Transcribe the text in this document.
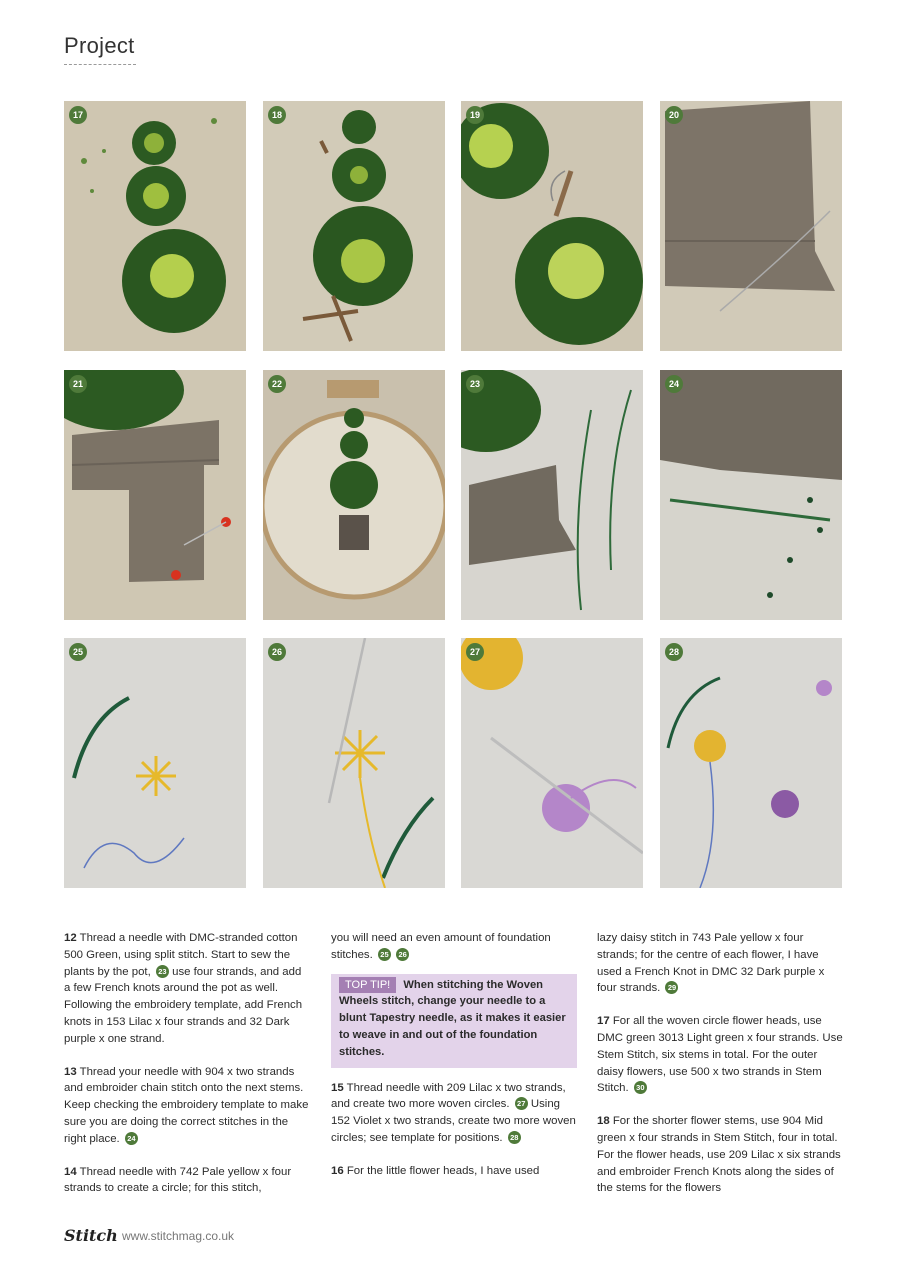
Project
17	18	19	20
21	22	23	24
25	26	27	28

12 Thread a needle with DMC-stranded cotton 500 Green, using split stitch. Start to sew the plants by the pot, 23 use four strands, and add a few French knots around the pot as well. Following the embroidery template, add French knots in 153 Lilac x four strands and 32 Dark purple x one strand.

13 Thread your needle with 904 x two strands and embroider chain stitch onto the next stems. Keep checking the embroidery template to make sure you are doing the correct stitches in the right place. 24

14 Thread needle with 742 Pale yellow x four strands to create a circle; for this stitch,

you will need an even amount of foundation stitches. 25 26

TOP TIP! When stitching the Woven Wheels stitch, change your needle to a blunt Tapestry needle, as it makes it easier to weave in and out of the foundation stitches.

15 Thread needle with 209 Lilac x two strands, and create two more woven circles. 27 Using 152 Violet x two strands, create two more woven circles; see template for positions. 28

16 For the little flower heads, I have used

lazy daisy stitch in 743 Pale yellow x four strands; for the centre of each flower, I have used a French Knot in DMC 32 Dark purple x four strands. 29

17 For all the woven circle flower heads, use DMC green 3013 Light green x four strands. Use Stem Stitch, six stems in total. For the outer daisy flowers, use 500 x two strands in Stem Stitch. 30

18 For the shorter flower stems, use 904 Mid green x four strands in Stem Stitch, four in total. For the flower heads, use 209 Lilac x six strands and embroider French Knots along the sides of the stems for the flowers

Stitch www.stitchmag.co.uk
